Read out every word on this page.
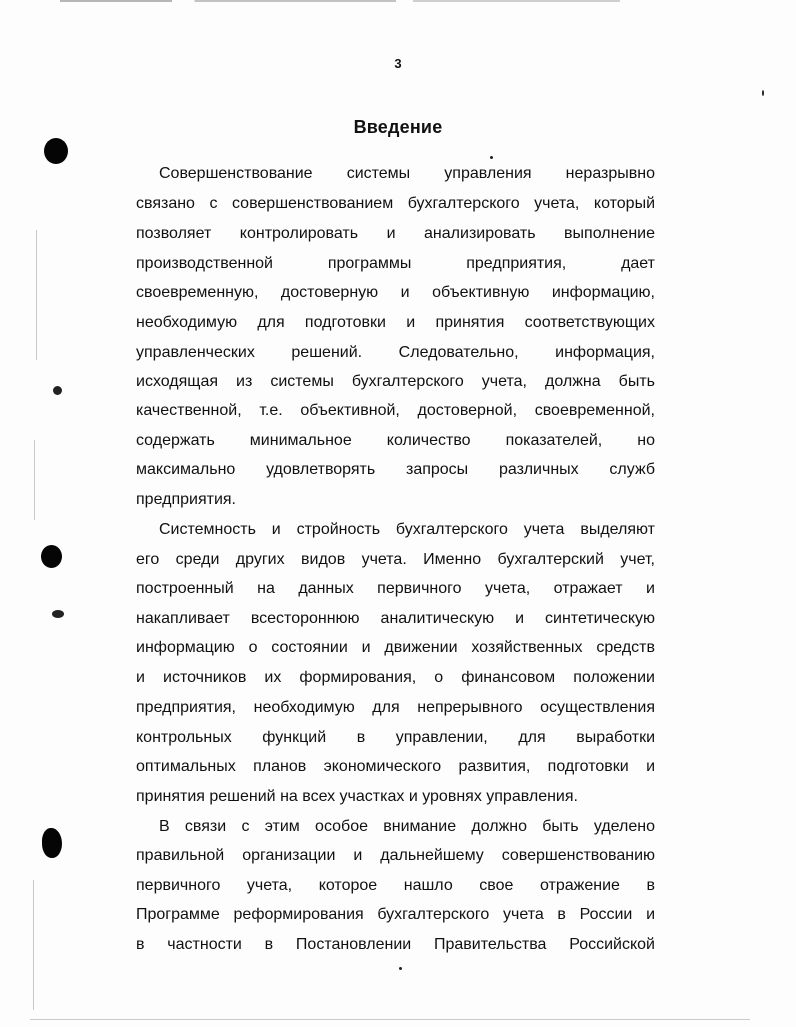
3
Введение
Совершенствование системы управления неразрывно
связано с совершенствованием бухгалтерского учета, который
позволяет контролировать и анализировать выполнение
производственной программы предприятия, дает
своевременную, достоверную и объективную информацию,
необходимую для подготовки и принятия соответствующих
управленческих решений. Следовательно, информация,
исходящая из системы бухгалтерского учета, должна быть
качественной, т.е. объективной, достоверной, своевременной,
содержать минимальное количество показателей, но
максимально удовлетворять запросы различных служб
предприятия.
Системность и стройность бухгалтерского учета выделяют
его среди других видов учета. Именно бухгалтерский учет,
построенный на данных первичного учета, отражает и
накапливает всестороннюю аналитическую и синтетическую
информацию о состоянии и движении хозяйственных средств
и источников их формирования, о финансовом положении
предприятия, необходимую для непрерывного осуществления
контрольных функций в управлении, для выработки
оптимальных планов экономического развития, подготовки и
принятия решений на всех участках и уровнях управления.
В связи с этим особое внимание должно быть уделено
правильной организации и дальнейшему совершенствованию
первичного учета, которое нашло свое отражение в
Программе реформирования бухгалтерского учета в России и
в частности в Постановлении Правительства Российской
